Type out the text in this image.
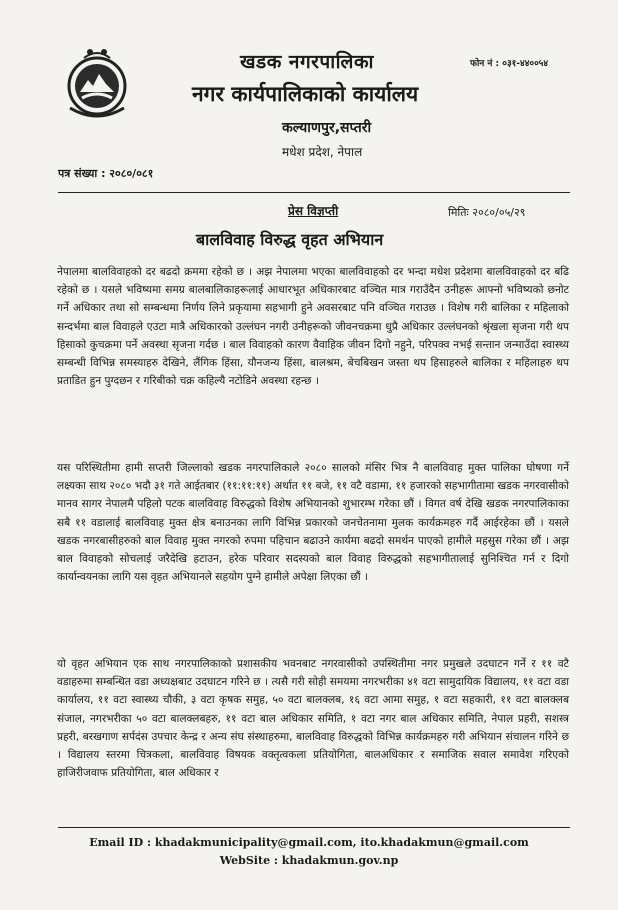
खडक नगरपालिका
नगर कार्यपालिकाको कार्यालय
फोन नं : ०३१-४४००५४
कल्याणपुर,सप्तरी
मधेश प्रदेश, नेपाल
पत्र संख्या : २०८०/०८१
प्रेस विज्ञप्ती	मितिः २०८०/०५/२९
बालविवाह विरुद्ध वृहत अभियान

नेपालमा बालविवाहको दर बढदो क्रममा रहेको छ । अझ नेपालमा भएका बालविवाहको दर भन्दा मधेश प्रदेशमा बालविवाहको दर बढि रहेको छ । यसले भविष्यमा समग्र बालबालिकाहरूलाई आधारभूत अधिकारबाट वञ्चित मात्र गराउँदैन उनीहरू आफ्नो भविष्यको छनोट गर्ने अधिकार तथा सो सम्बन्धमा निर्णय लिने प्रकृयामा सहभागी हुने अवसरबाट पनि वञ्चित गराउछ । विशेष गरी बालिका र महिलाको सन्दर्भमा बाल विवाहले एउटा मात्रै अधिकारको उल्लंघन नगरी उनीहरूको जीवनचक्रमा धुप्रै अधिकार उल्लंघनको श्रृंखला सृजना गरी थप हिसाको कुचक्रमा पर्ने अवस्था सृजना गर्दछ । बाल विवाहको कारण वैवाहिक जीवन दिगो नहुने, परिपक्व नभई सन्तान जन्माउँदा स्वास्थ्य सम्बन्धी विभिन्न समस्याहरु देखिने, लैंगिक हिंसा, यौनजन्य हिंसा, बालश्रम, बेचबिखन जस्ता थप हिसाहरुले बालिका र महिलाहरु थप प्रताडित हुन पुग्दछन र गरिबीको चक्र कहिल्यै नटोडिने अवस्था रहन्छ ।

यस परिस्थितीमा हामी सप्तरी जिल्लाको खडक नगरपालिकाले २०८० सालको मंसिर भित्र नै बालविवाह मुक्त पालिका घोषणा गर्ने लक्ष्यका साथ २०८० भदौ ३१ गते आईतबार (११:११:११) अर्थात ११ बजे, ११ वटै वडामा, ११ हजारको सहभागीतामा खडक नगरवासीको मानव सागर नेपालमै पहिलो पटक बालविवाह विरुद्धको विशेष अभियानको शुभारम्भ गरेका छौं । विगत वर्ष देखि खडक नगरपालिकाका सबै ११ वडालाई बालविवाह मुक्त क्षेत्र बनाउनका लागि विभिन्न प्रकारको जनचेतनामा मुलक कार्यक्रमहरु गर्दै आईरहेका छौं । यसले खडक नगरबासीहरुको बाल विवाह मुक्त नगरको रुपमा पहिचान बढाउने कार्यमा बढदो समर्थन पाएको हामीले महसुस गरेका छौं । अझ बाल विवाहको सोचलाई जरैदेखि हटाउन, हरेक परिवार सदस्यको बाल विवाह विरुद्धको सहभागीतालाई सुनिश्चित गर्न र दिगो कार्यान्वयनका लागि यस वृहत अभियानले सहयोग पुग्ने हामीले अपेक्षा लिएका छौं ।

यो वृहत अभियान एक साथ नगरपालिकाको प्रशासकीय भवनबाट नगरवासीको उपस्थितीमा नगर प्रमुखले उदघाटन गर्ने र ११ वटै वडाहरुमा सम्बन्धित वडा अध्यक्षबाट उदघाटन गरिने छ । त्यसै गरी सोही समयमा नगरभरीका ४१ वटा सामुदायिक विद्यालय, ११ वटा वडा कार्यालय, ११ वटा स्वास्थ्य चौकी, ३ वटा कृषक समुह, ५० वटा बालक्लब, १६ वटा आमा समुह, १ वटा सहकारी, ११ वटा बालक्लब संजाल, नगरभरीका ५० वटा बालक्लबहरु, ११ वटा बाल अधिकार समिति, १ वटा नगर बाल अधिकार समिति, नेपाल प्रहरी, सशस्त्र प्रहरी, बरखगाण सर्पदंस उपचार केन्द्र र अन्य संघ संस्थाहरुमा, बालविवाह विरुद्धको विभिन्न कार्यक्रमहरु गरी अभियान संचालन गरिने छ । विद्यालय स्तरमा चित्रकला, बालविवाह विषयक वक्तृत्वकला प्रतियोगिता, बालअधिकार र समाजिक सवाल समावेश गरिएको हाजिरीजवाफ प्रतियोगिता, बाल अधिकार र

Email ID : khadakmunicipality@gmail.com, ito.khadakmun@gmail.com
WebSite : khadakmun.gov.np
